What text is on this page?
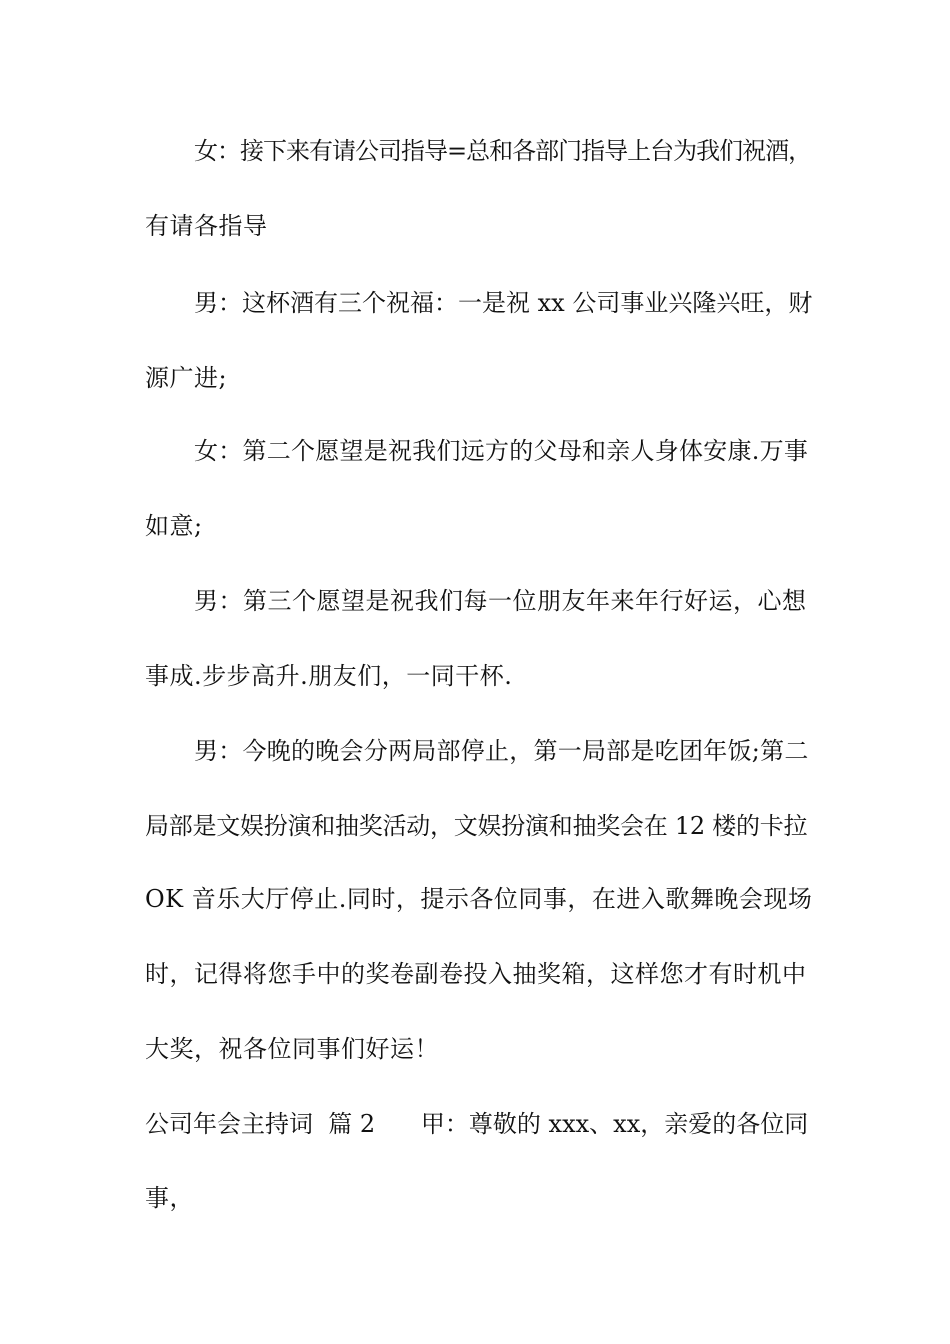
女：接下来有请公司指导=总和各部门指导上台为我们祝酒，
有请各指导
男：这杯酒有三个祝福：一是祝 xx 公司事业兴隆兴旺，财
源广进;
女：第二个愿望是祝我们远方的父母和亲人身体安康.万事
如意;
男：第三个愿望是祝我们每一位朋友年来年行好运，心想
事成.步步高升.朋友们，一同干杯.
男：今晚的晚会分两局部停止，第一局部是吃团年饭;第二
局部是文娱扮演和抽奖活动，文娱扮演和抽奖会在 12 楼的卡拉
OK 音乐大厅停止.同时，提示各位同事，在进入歌舞晚会现场
时，记得将您手中的奖卷副卷投入抽奖箱，这样您才有时机中
大奖，祝各位同事们好运！
公司年会主持词  篇 2      甲：尊敬的 xxx、xx，亲爱的各位同
事，
